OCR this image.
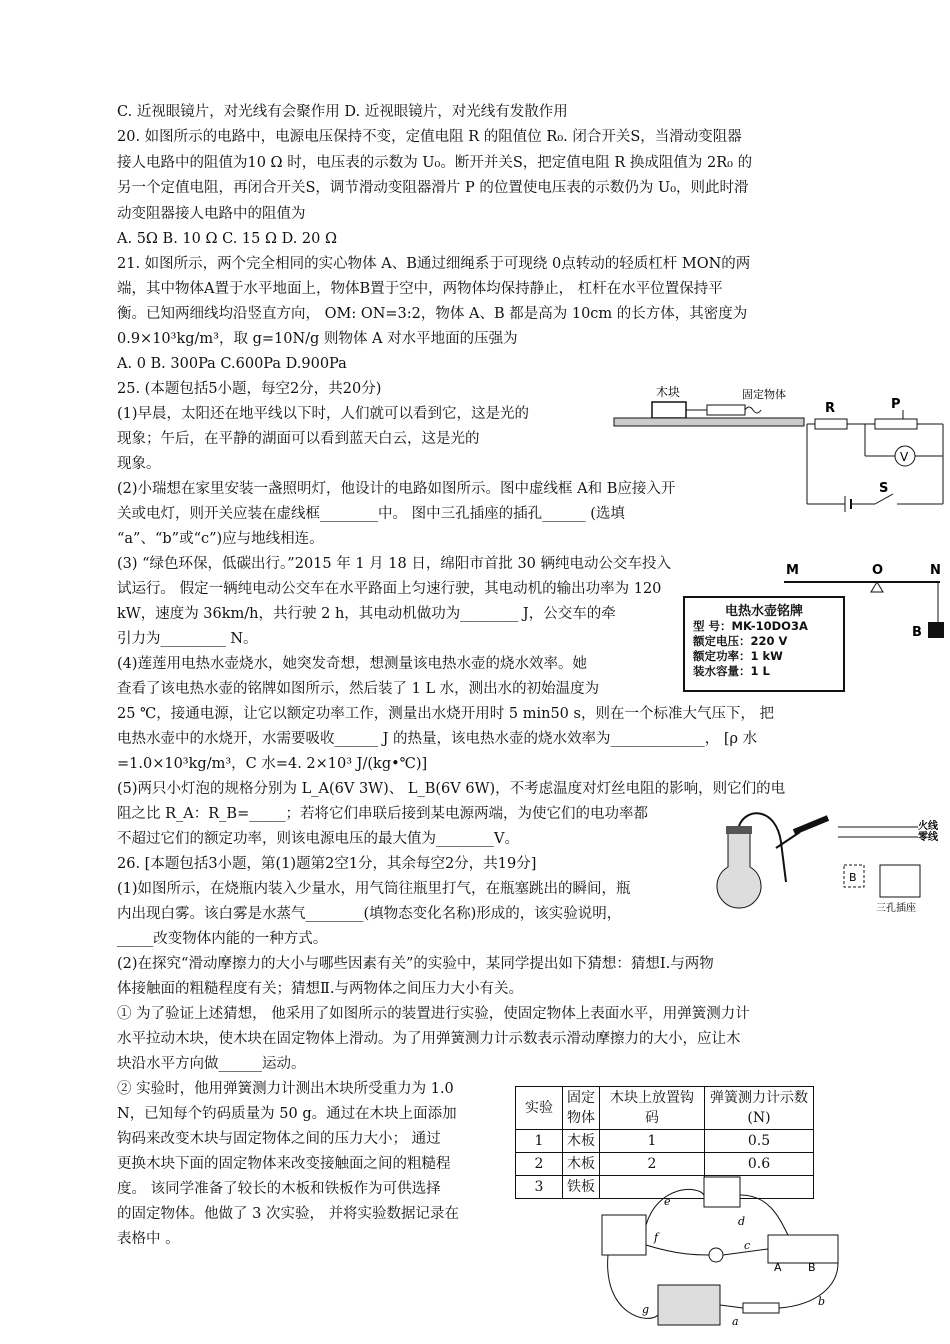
C. 近视眼镜片，对光线有会聚作用 D. 近视眼镜片，对光线有发散作用
20. 如图所示的电路中，电源电压保持不变，定值电阻 R 的阻值位 R₀. 闭合开关S，当滑动变阻器
接人电路中的阻值为10 Ω 时，电压表的示数为 U₀。断开并关S，把定值电阻 R 换成阻值为 2R₀ 的
另一个定值电阻，再闭合开关S，调节滑动变阻器滑片 P 的位置使电压表的示数仍为 U₀，则此时滑
动变阻器接人电路中的阻值为
A. 5Ω B. 10 Ω C. 15 Ω D. 20 Ω
21. 如图所示，两个完全相同的实心物体 A、B通过细绳系于可现绕 0点转动的轻质杠杆 MON的两
端，其中物体A置于水平地面上，物体B置于空中，两物体均保持静止， 杠杆在水平位置保持平
衡。已知两细线均沿竖直方向， OM: ON=3:2，物体 A、B 都是高为 10cm 的长方体，其密度为
0.9×10³kg/m³，取 g=10N/g 则物体 A 对水平地面的压强为
A. 0 B. 300Pa C.600Pa D.900Pa
25. (本题包括5小题，每空2分，共20分)
(1)早晨，太阳还在地平线以下时，人们就可以看到它，这是光的
现象；午后，在平静的湖面可以看到蓝天白云，这是光的
现象。
(2)小瑞想在家里安装一盏照明灯，他设计的电路如图所示。图中虚线框 A和 B应接入开
关或电灯，则开关应装在虚线框________中。 图中三孔插座的插孔______ (选填
“a”、“b”或“c”)应与地线相连。
(3) “绿色环保，低碳出行。”2015 年 1 月 18 日，绵阳市首批 30 辆纯电动公交车投入
试运行。 假定一辆纯电动公交车在水平路面上匀速行驶，其电动机的输出功率为 120
kW，速度为 36km/h，共行驶 2 h，其电动机做功为________ J，公交车的牵
引力为_________ N。
(4)莲莲用电热水壶烧水，她突发奇想，想测量该电热水壶的烧水效率。她
查看了该电热水壶的铭牌如图所示，然后装了 1 L 水，测出水的初始温度为
25 ℃，接通电源，让它以额定功率工作，测量出水烧开用时 5 min50 s，则在一个标准大气压下， 把
电热水壶中的水烧开，水需要吸收______ J 的热量，该电热水壶的烧水效率为_____________， [ρ 水
=1.0×10³kg/m³，C 水=4. 2×10³ J/(kg•℃)]
(5)两只小灯泡的规格分别为 L_A(6V 3W)、 L_B(6V 6W)，不考虑温度对灯丝电阻的影响，则它们的电
阻之比 R_A：R_B=_____；若将它们串联后接到某电源两端，为使它们的电功率都
不超过它们的额定功率，则该电源电压的最大值为________V。
26. [本题包括3小题，第(1)题第2空1分，其余每空2分，共19分]
(1)如图所示，在烧瓶内装入少量水，用气筒往瓶里打气，在瓶塞跳出的瞬间，瓶
内出现白雾。该白雾是水蒸气________(填物态变化名称)形成的，该实验说明，
_____改变物体内能的一种方式。
(2)在探究“滑动摩擦力的大小与哪些因素有关”的实验中，某同学提出如下猜想：猜想Ⅰ.与两物
体接触面的粗糙程度有关；猜想Ⅱ.与两物体之间压力大小有关。
① 为了验证上述猜想， 他采用了如图所示的装置进行实验，使固定物体上表面水平，用弹簧测力计
水平拉动木块，使木块在固定物体上滑动。为了用弹簧测力计示数表示滑动摩擦力的大小，应让木
块沿水平方向做______运动。
② 实验时，他用弹簧测力计测出木块所受重力为 1.0
N，已知每个钓码质量为 50 g。通过在木块上面添加
钩码来改变木块与固定物体之间的压力大小； 通过
更换木块下面的固定物体来改变接触面之间的粗糙程
度。 该同学准备了较长的木板和铁板作为可供选择
的固定物体。他做了 3 次实验， 并将实验数据记录在
表格中 。
木块	固定物体
R	P
V
S
M	O	N
B
电热水壶铭牌
型 号：MK-10DO3A
额定电压：220 V
额定功率：1 kW
装水容量：1 L
火线
零线
B
三孔插座
实验	固定物体	木块上放置钩码	弹簧测力计示数(N)
1	木板	1	0.5
2	木板	2	0.6
3	铁板		
e
d
f
c
g
a
b
A B
